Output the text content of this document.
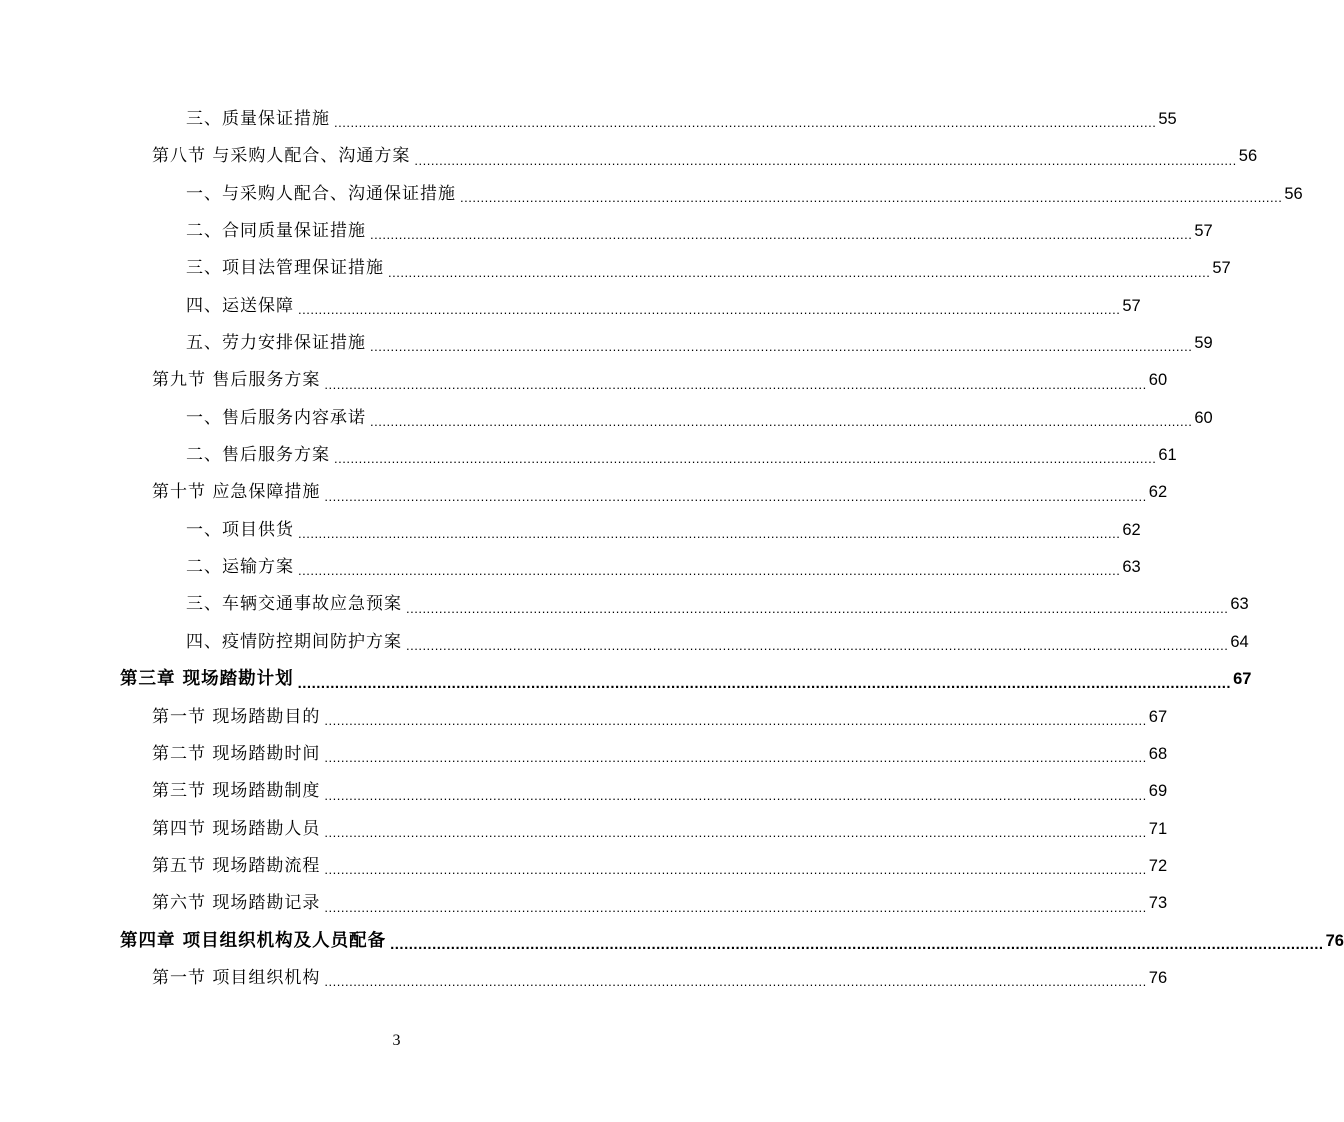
三、质量保证措施 ........................................................................................................................................................................................................ 55
第八节 与采购人配合、沟通方案 ........................................................................................................................................................................................................ 56
一、与采购人配合、沟通保证措施 ........................................................................................................................................................................................................ 56
二、合同质量保证措施 ........................................................................................................................................................................................................ 57
三、项目法管理保证措施 ........................................................................................................................................................................................................ 57
四、运送保障 ........................................................................................................................................................................................................ 57
五、劳力安排保证措施 ........................................................................................................................................................................................................ 59
第九节 售后服务方案 ........................................................................................................................................................................................................ 60
一、售后服务内容承诺 ........................................................................................................................................................................................................ 60
二、售后服务方案 ........................................................................................................................................................................................................ 61
第十节 应急保障措施 ........................................................................................................................................................................................................ 62
一、项目供货 ........................................................................................................................................................................................................ 62
二、运输方案 ........................................................................................................................................................................................................ 63
三、车辆交通事故应急预案 ........................................................................................................................................................................................................ 63
四、疫情防控期间防护方案 ........................................................................................................................................................................................................ 64
第三章 现场踏勘计划 ........................................................................................................................................................................................................ 67
第一节 现场踏勘目的 ........................................................................................................................................................................................................ 67
第二节 现场踏勘时间 ........................................................................................................................................................................................................ 68
第三节 现场踏勘制度 ........................................................................................................................................................................................................ 69
第四节 现场踏勘人员 ........................................................................................................................................................................................................ 71
第五节 现场踏勘流程 ........................................................................................................................................................................................................ 72
第六节 现场踏勘记录 ........................................................................................................................................................................................................ 73
第四章 项目组织机构及人员配备 ........................................................................................................................................................................................................ 76
第一节 项目组织机构 ........................................................................................................................................................................................................ 76
3
